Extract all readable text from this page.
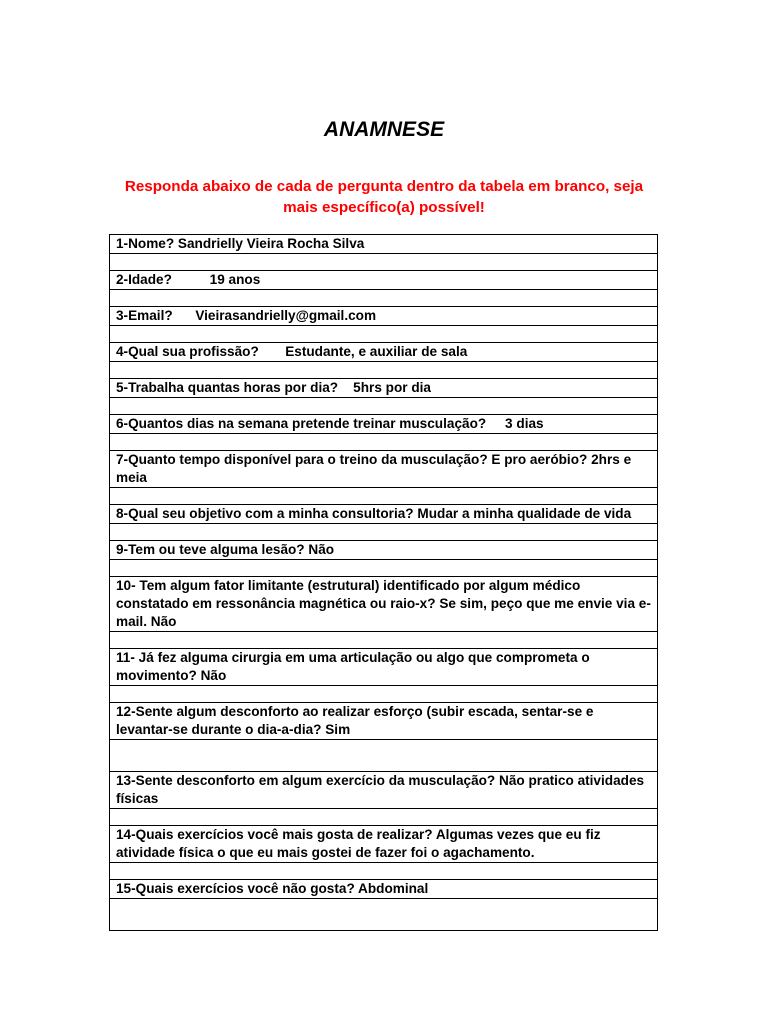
ANAMNESE
Responda abaixo de cada de pergunta dentro da tabela em branco, seja mais específico(a) possível!
1-Nome? Sandrielly Vieira Rocha Silva

2-Idade?          19 anos

3-Email?      Vieirasandrielly@gmail.com

4-Qual sua profissão?       Estudante, e auxiliar de sala

5-Trabalha quantas horas por dia?    5hrs por dia

6-Quantos dias na semana pretende treinar musculação?     3 dias

7-Quanto tempo disponível para o treino da musculação? E pro aeróbio? 2hrs e meia

8-Qual seu objetivo com a minha consultoria? Mudar a minha qualidade de vida

9-Tem ou teve alguma lesão? Não

10- Tem algum fator limitante (estrutural) identificado por algum médico constatado em ressonância magnética ou raio-x? Se sim, peço que me envie via e-mail. Não

11- Já fez alguma cirurgia em uma articulação ou algo que comprometa o movimento? Não

12-Sente algum desconforto ao realizar esforço (subir escada, sentar-se e levantar-se durante o dia-a-dia? Sim

13-Sente desconforto em algum exercício da musculação? Não pratico atividades físicas

14-Quais exercícios você mais gosta de realizar? Algumas vezes que eu fiz atividade física o que eu mais gostei de fazer foi o agachamento.

15-Quais exercícios você não gosta? Abdominal
